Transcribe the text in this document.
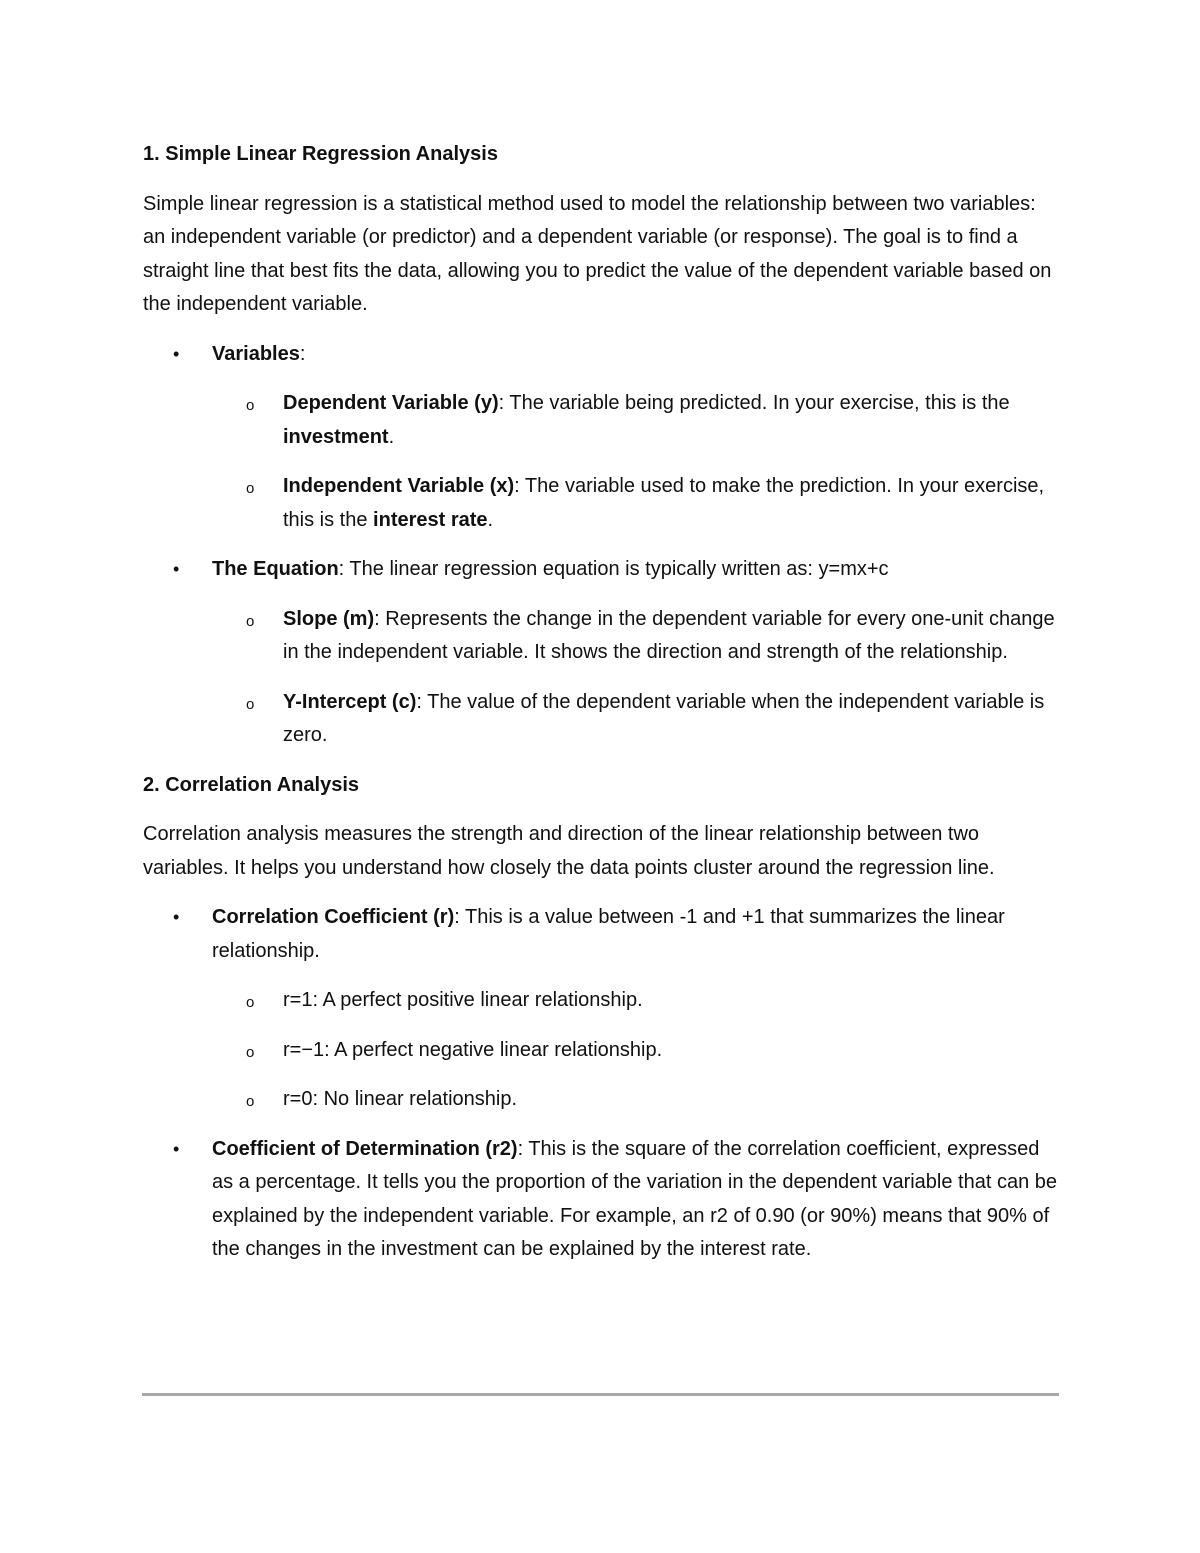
1. Simple Linear Regression Analysis

Simple linear regression is a statistical method used to model the relationship between two variables: an independent variable (or predictor) and a dependent variable (or response). The goal is to find a straight line that best fits the data, allowing you to predict the value of the dependent variable based on the independent variable.

• Variables:
o Dependent Variable (y): The variable being predicted. In your exercise, this is the investment.
o Independent Variable (x): The variable used to make the prediction. In your exercise, this is the interest rate.
• The Equation: The linear regression equation is typically written as: y=mx+c
o Slope (m): Represents the change in the dependent variable for every one-unit change in the independent variable. It shows the direction and strength of the relationship.
o Y-Intercept (c): The value of the dependent variable when the independent variable is zero.
2. Correlation Analysis

Correlation analysis measures the strength and direction of the linear relationship between two variables. It helps you understand how closely the data points cluster around the regression line.

• Correlation Coefficient (r): This is a value between -1 and +1 that summarizes the linear relationship.
o r=1: A perfect positive linear relationship.
o r=−1: A perfect negative linear relationship.
o r=0: No linear relationship.
• Coefficient of Determination (r2): This is the square of the correlation coefficient, expressed as a percentage. It tells you the proportion of the variation in the dependent variable that can be explained by the independent variable. For example, an r2 of 0.90 (or 90%) means that 90% of the changes in the investment can be explained by the interest rate.
